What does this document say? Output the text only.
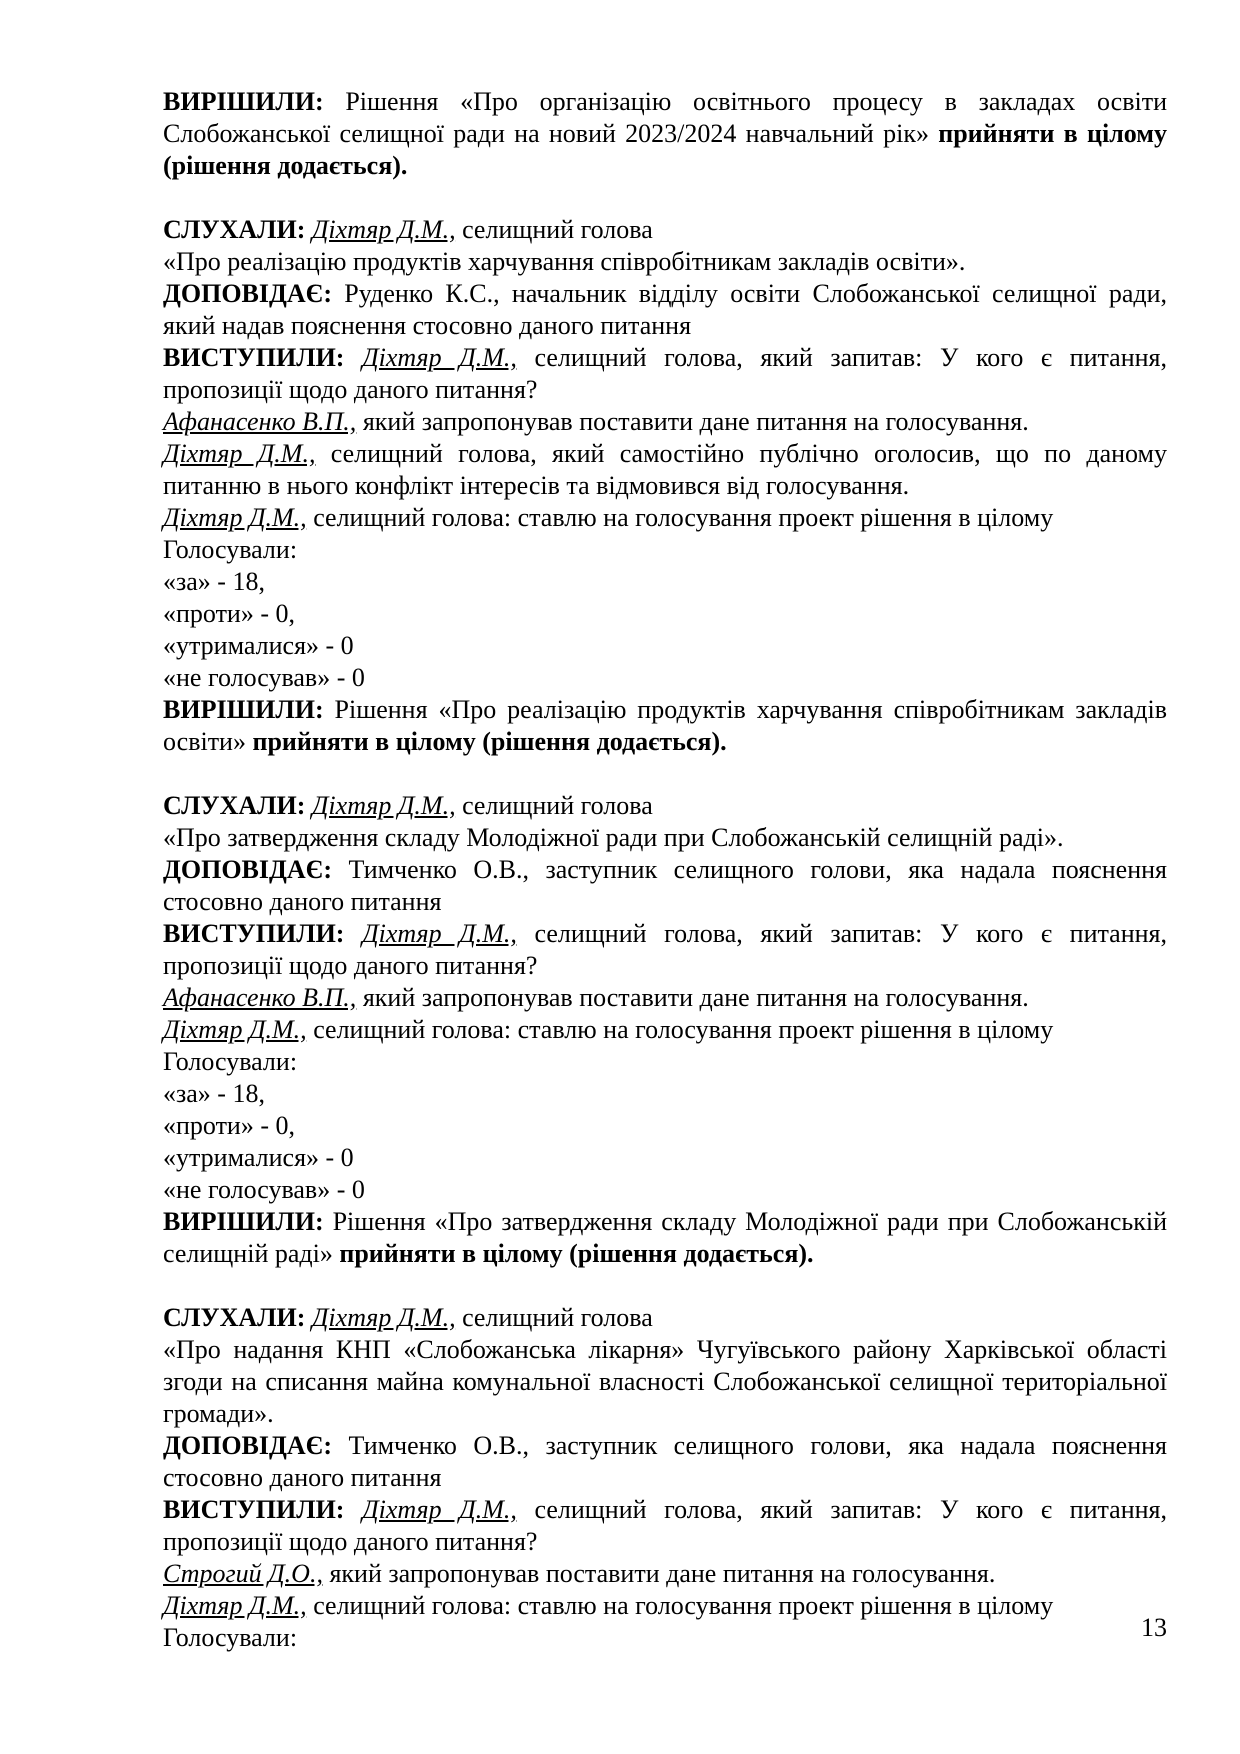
ВИРІШИЛИ: Рішення «Про організацію освітнього процесу в закладах освіти Слобожанської селищної ради на новий 2023/2024 навчальний рік» прийняти в цілому (рішення додається).

СЛУХАЛИ: Діхтяр Д.М., селищний голова

«Про реалізацію продуктів харчування співробітникам закладів освіти».

ДОПОВІДАЄ: Руденко К.С., начальник відділу освіти Слобожанської селищної ради, який надав пояснення стосовно даного питання

ВИСТУПИЛИ: Діхтяр Д.М., селищний голова, який запитав: У кого є питання, пропозиції щодо даного питання?

Афанасенко В.П., який запропонував поставити дане питання на голосування.

Діхтяр Д.М., селищний голова, який самостійно публічно оголосив, що по даному питанню в нього конфлікт інтересів та відмовився від голосування.

Діхтяр Д.М., селищний голова: ставлю на голосування проект рішення в цілому

Голосували:

«за» - 18,

«проти» - 0,

«утрималися» - 0

«не голосував» - 0

ВИРІШИЛИ: Рішення «Про реалізацію продуктів харчування співробітникам закладів освіти» прийняти в цілому (рішення додається).

СЛУХАЛИ: Діхтяр Д.М., селищний голова

«Про затвердження складу Молодіжної ради при Слобожанській селищній раді».

ДОПОВІДАЄ: Тимченко О.В., заступник селищного голови, яка надала пояснення стосовно даного питання

ВИСТУПИЛИ: Діхтяр Д.М., селищний голова, який запитав: У кого є питання, пропозиції щодо даного питання?

Афанасенко В.П., який запропонував поставити дане питання на голосування.

Діхтяр Д.М., селищний голова: ставлю на голосування проект рішення в цілому

Голосували:

«за» - 18,

«проти» - 0,

«утрималися» - 0

«не голосував» - 0

ВИРІШИЛИ: Рішення «Про затвердження складу Молодіжної ради при Слобожанській селищній раді» прийняти в цілому (рішення додається).

СЛУХАЛИ: Діхтяр Д.М., селищний голова

«Про надання КНП «Слобожанська лікарня» Чугуївського району Харківської області згоди на списання майна комунальної власності Слобожанської селищної територіальної громади».

ДОПОВІДАЄ: Тимченко О.В., заступник селищного голови, яка надала пояснення стосовно даного питання

ВИСТУПИЛИ: Діхтяр Д.М., селищний голова, який запитав: У кого є питання, пропозиції щодо даного питання?

Строгий Д.О., який запропонував поставити дане питання на голосування.

Діхтяр Д.М., селищний голова: ставлю на голосування проект рішення в цілому

Голосували:	13
